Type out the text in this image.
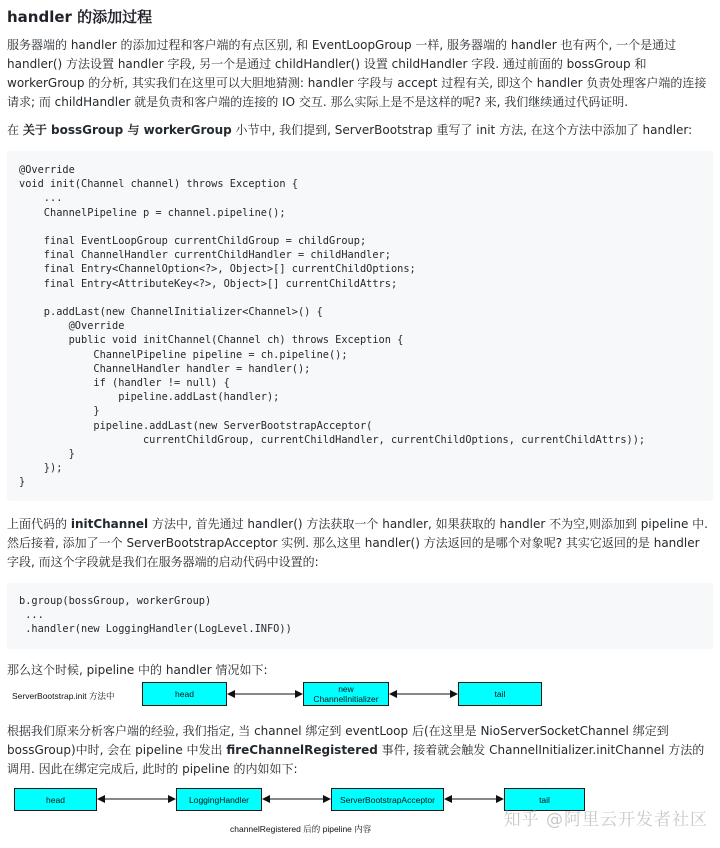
handler 的添加过程
服务器端的 handler 的添加过程和客户端的有点区别, 和 EventLoopGroup 一样, 服务器端的 handler 也有两个, 一个是通过 handler() 方法设置 handler 字段, 另一个是通过 childHandler() 设置 childHandler 字段. 通过前面的 bossGroup 和 workerGroup 的分析, 其实我们在这里可以大胆地猜测: handler 字段与 accept 过程有关, 即这个 handler 负责处理客户端的连接请求; 而 childHandler 就是负责和客户端的连接的 IO 交互. 那么实际上是不是这样的呢? 来, 我们继续通过代码证明.
在 关于 bossGroup 与 workerGroup 小节中, 我们提到, ServerBootstrap 重写了 init 方法, 在这个方法中添加了 handler:
@Override
void init(Channel channel) throws Exception {
...
ChannelPipeline p = channel.pipeline();

final EventLoopGroup currentChildGroup = childGroup;
final ChannelHandler currentChildHandler = childHandler;
final Entry<ChannelOption<?>, Object>[] currentChildOptions;
final Entry<AttributeKey<?>, Object>[] currentChildAttrs;

p.addLast(new ChannelInitializer<Channel>() {
@Override
public void initChannel(Channel ch) throws Exception {
ChannelPipeline pipeline = ch.pipeline();
ChannelHandler handler = handler();
if (handler != null) {
pipeline.addLast(handler);
}
pipeline.addLast(new ServerBootstrapAcceptor(
currentChildGroup, currentChildHandler, currentChildOptions, currentChildAttrs));
}
});
}
上面代码的 initChannel 方法中, 首先通过 handler() 方法获取一个 handler, 如果获取的 handler 不为空,则添加到 pipeline 中. 然后接着, 添加了一个 ServerBootstrapAcceptor 实例. 那么这里 handler() 方法返回的是哪个对象呢? 其实它返回的是 handler 字段, 而这个字段就是我们在服务器端的启动代码中设置的:
b.group(bossGroup, workerGroup)
...
.handler(new LoggingHandler(LogLevel.INFO))
那么这个时候, pipeline 中的 handler 情况如下:
ServerBootstrap.init 方法中	head	new
ChannelInitializer	tail
根据我们原来分析客户端的经验, 我们指定, 当 channel 绑定到 eventLoop 后(在这里是 NioServerSocketChannel 绑定到 bossGroup)中时, 会在 pipeline 中发出 fireChannelRegistered 事件, 接着就会触发 ChannelInitializer.initChannel 方法的调用. 因此在绑定完成后, 此时的 pipeline 的内如如下:
head	LoggingHandler	ServerBootstrapAcceptor	tail
channelRegistered 后的 pipeline 内容	知乎 @阿里云开发者社区
